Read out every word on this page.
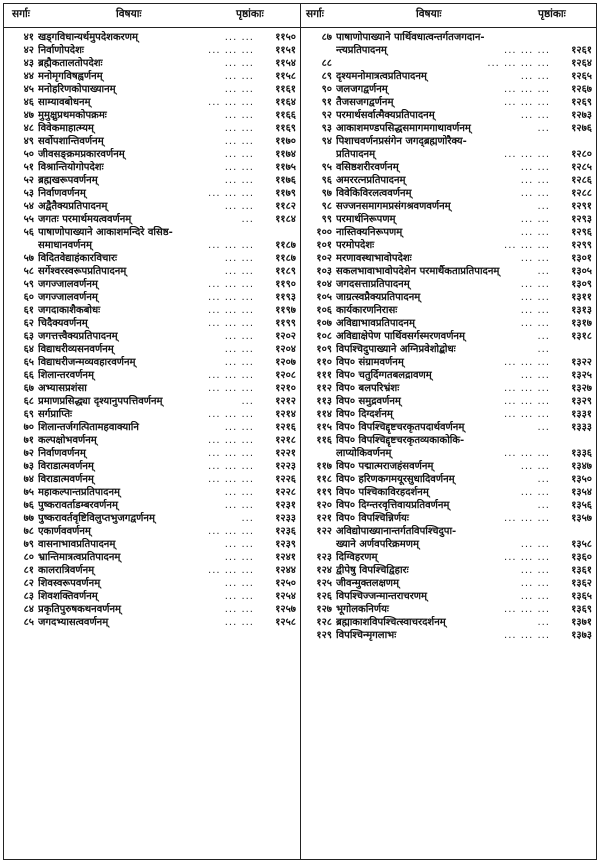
सर्गाः	विषयाः	पृष्ठांकाः	सर्गाः	विषयाः	पृष्ठांकाः
४१ खड्गविधान्यर्थमुपदेशकरणम्	... ...	११५०
४२ निर्वाणोपदेशः	... ... ...	११५१
४३ ब्रह्मैकतालतोपदेशः	... ...	११५४
४४ मनोमृगविषह्वर्णनम्	... ...	११५८
४५ मनोहरिणकोपाख्यानम्	... ...	११६१
४६ साम्यावबोधनम्	... ... ...	११६४
४७ मुमुक्षुप्रथमकोपक्रमः	... ...	११६६
४८ विवेकमाहात्म्यम्	... ...	११६९
४९ सर्वोपशान्तिवर्णनम्	... ...	११७०
५० जीवसङ्क्रमप्रकारवर्णनम्	... ...	११७४
५१ विश्रान्तियोगोपदेशः	... ...	११७५
५२ ब्रह्मखरूपवर्णनम्	... ...	११७६
५३ निर्वाणवर्णनम्	... ... ...	११७९
५४ अद्वैतैक्यप्रतिपादनम्	... ...	११८२
५५ जगतः परमार्थमयत्ववर्णनम्	...	११८४
५६ पाषाणोपाख्याने आकाशमन्दिरे वसिष्ठ-
समाधानवर्णनम्	... ... ...	११८७
५७ विदितवेद्याहंकारविचारः	... ...	११८७
५८ सर्गेश्वरस्वरूपप्रतिपादनम्	... ...	११८९
५९ जगज्जालवर्णनम्	... ... ...	११९०
६० जगज्जालवर्णनम्	... ... ...	११९३
६१ जगदाकाशैकबोधः	... ... ...	११९७
६२ चिदैक्यवर्णनम्	... ... ...	११९९
६३ जगत्तत्त्वैक्यप्रतिपादनम्	... ...	१२०२
६४ विद्याधरीव्यसनवर्णनम्	... ...	१२०४
६५ विद्याधरीजन्मव्यवहारवर्णनम्	... ...	१२०७
६६ शिलान्तरवर्णनम्	... ... ...	१२०८
६७ अभ्यासप्रशंसा	... ... ...	१२१०
६८ प्रमाणप्रसिद्ध्या दृश्यानुपपत्तिवर्णनम्	...	१२१२
६९ सर्गप्राप्तिः	... ... ...	१२१४
७० शिलान्तर्जगत्पितामहवाक्यानि	... ...	१२१६
७१ कल्पक्षोभवर्णनम्	... ... ...	१२१८
७२ निर्वाणवर्णनम्	... ... ...	१२२१
७३ विराडात्मवर्णनम्	... ... ...	१२२३
७४ विराडात्मवर्णनम्	... ... ...	१२२६
७५ महाकल्पान्तप्रतिपादनम्	... ...	१२२८
७६ पुष्करावर्ताडम्बरवर्णनम्	... ...	१२३१
७७ पुष्करावर्तवृष्टिविलुप्तभुजगद्वर्णनम्	...	१२३३
७८ एकार्णववर्णनम्	... ... ...	१२३६
७९ वासनाभावप्रतिपादनम्	... ...	१२३९
८० भ्रान्तिमात्रत्वप्रतिपादनम्	... ...	१२४१
८१ कालरात्रिवर्णनम्	... ... ...	१२४४
८२ शिवस्वरूपवर्णनम्	... ...	१२५०
८३ शिवशक्तिवर्णनम्	... ...	१२५४
८४ प्रकृतिपुरुषकथनवर्णनम्	... ...	१२५७
८५ जगदभ्यासत्ववर्णनम्	... ...	१२५८
८७ पाषाणोपाख्याने पार्थिवधात्वन्तर्गतजगदान-
न्त्यप्रतिपादनम्	... ... ...	१२६१
८८	... ... ... ...	१२६४
८९ दृश्यमनोमात्रत्वप्रतिपादनम्	... ...	१२६५
९० जलजगद्वर्णनम्	... ... ...	१२६७
९१ तैजसजगद्वर्णनम्	... ... ...	१२६९
९२ परमार्थसर्वात्मैक्यप्रतिपादनम्	... ...	१२७३
९३ आकाशमण्डपसिद्धसमागमगाथावर्णनम्	...	१२७६
९४ पिशाचवर्णनप्रसंगेन जगद्ब्रह्मणोरैक्य-
प्रतिपादनम्	... ... ...	१२८०
९५ वसिष्ठशरीरवर्णनम्	... ...	१२८५
९६ अमररत्नप्रतिपादनम्	... ...	१२८६
९७ विवेकिविरलत्ववर्णनम्	... ...	१२८८
९८ सज्जनसमागमप्रसंगश्रवणवर्णनम्	...	१२९१
९९ परमार्थनिरूपणम्	... ...	१२९३
१०० नास्तिक्यनिरूपणम्	... ...	१२९६
१०१ परमोपदेशः	... ... ...	१२९९
१०२ मरणावस्थाभावोपदेशः	... ...	१३०१
१०३ सकलभावाभावोपदेशेन परमार्थैकताप्रतिपादनम्	...	१३०५
१०४ जगदसत्ताप्रतिपादनम्	... ...	१३०९
१०५ जाग्रत्स्वप्नैक्यप्रतिपादनम्	... ...	१३११
१०६ कार्यकारणनिरासः	... ...	१३१३
१०७ अविद्याभावप्रतिपादनम्	... ...	१३१७
१०८ अविद्याक्षेपेण पार्थिवसर्गस्मरणवर्णनम्	...	१३१८
१०९ विपश्चिदुपाख्याने अग्निप्रवेशोद्बोधः	...
११० विप० संग्रामवर्णनम्	... ... ...	१३२२
१११ विप० चतुर्दिग्गतबलद्रावणम्	... ...	१३२५
११२ विप० बलपरिभ्रंशः	... ... ...	१३२७
११३ विप० समुद्रवर्णनम्	... ... ...	१३२९
११४ विप० दिग्दर्शनम्	... ... ...	१३३१
११५ विप० विपश्चिद्दृष्टचरकृतपदार्थवर्णनम्	...	१३३३
११६ विप० विपश्चिद्दृष्टचरकृतव्यकाकोकि-
लाप्योकिवर्णनम्	... ... ...	१३३६
११७ विप० पद्मात्मराजहंसवर्णनम्	... ...	१३४७
११८ विप० हरिणकगमयूरसुधादिवर्णनम्	...	१३५०
११९ विप० पश्चिकाविरहदर्शनम्	... ...	१३५४
१२० विप० दिग्न्तरवृत्तिवायप्रतिवर्णनम्	...	१३५६
१२१ विप० विपश्चिन्निर्णयः	... ... ...	१३५७
१२२ अविद्योपाख्यानान्तर्गतविपश्चिदुपा-
ख्याने अर्णवपरिक्रमणम्	... ...	१३५८
१२३ दिग्विहरणम्	... ... ...	१३६०
१२४ द्वीपेषु विपश्चिद्विहारः	... ...	१३६१
१२५ जीवन्मुक्तलक्षणम्	... ...	१३६२
१२६ विपश्चिज्जन्मान्तराचरणम्	... ...	१३६५
१२७ भूगोलकनिर्णयः	... ... ...	१३६९
१२८ ब्रह्माकाशविपश्चित्स्वाचरदर्शनम्	...	१३७१
१२९ विपश्चिन्मृगलाभः	... ... ...	१३७३
